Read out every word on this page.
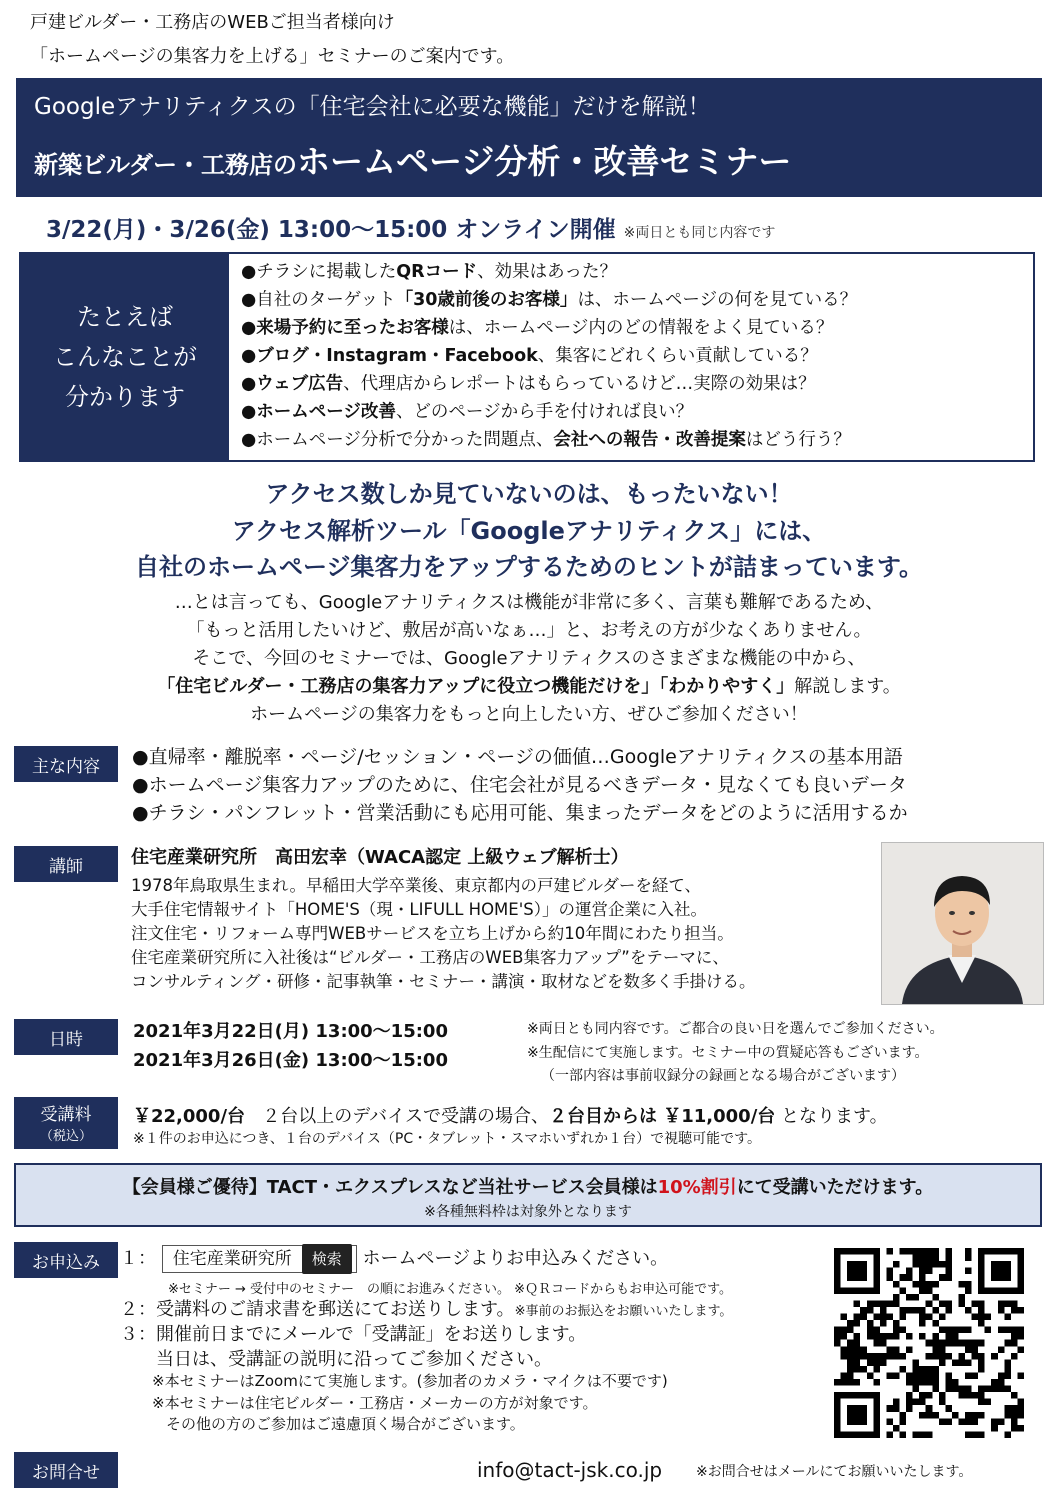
戸建ビルダー・工務店のWEBご担当者様向け
「ホームページの集客力を上げる」セミナーのご案内です。
Googleアナリティクスの「住宅会社に必要な機能」だけを解説！
新築ビルダー・工務店のホームページ分析・改善セミナー
3/22(月)・3/26(金) 13:00〜15:00 オンライン開催 ※両日とも同じ内容です
たとえば
こんなことが
分かります
●チラシに掲載したQRコード、効果はあった？
●自社のターゲット「30歳前後のお客様」は、ホームページの何を見ている？
●来場予約に至ったお客様は、ホームページ内のどの情報をよく見ている？
●ブログ・Instagram・Facebook、集客にどれくらい貢献している？
●ウェブ広告、代理店からレポートはもらっているけど…実際の効果は？
●ホームページ改善、どのページから手を付ければ良い？
●ホームページ分析で分かった問題点、会社への報告・改善提案はどう行う？
アクセス数しか見ていないのは、もったいない！
アクセス解析ツール「Googleアナリティクス」には、
自社のホームページ集客力をアップするためのヒントが詰まっています。
…とは言っても、Googleアナリティクスは機能が非常に多く、言葉も難解であるため、
「もっと活用したいけど、敷居が高いなぁ…」と、お考えの方が少なくありません。
そこで、今回のセミナーでは、Googleアナリティクスのさまざまな機能の中から、
「住宅ビルダー・工務店の集客力アップに役立つ機能だけを」「わかりやすく」解説します。
ホームページの集客力をもっと向上したい方、ぜひご参加ください！
主な内容	●直帰率・離脱率・ページ/セッション・ページの価値…Googleアナリティクスの基本用語
●ホームページ集客力アップのために、住宅会社が見るべきデータ・見なくても良いデータ
●チラシ・パンフレット・営業活動にも応用可能、集まったデータをどのように活用するか
講師	住宅産業研究所　高田宏幸（WACA認定 上級ウェブ解析士）
1978年鳥取県生まれ。早稲田大学卒業後、東京都内の戸建ビルダーを経て、
大手住宅情報サイト「HOME'S（現・LIFULL HOME'S）」の運営企業に入社。
注文住宅・リフォーム専門WEBサービスを立ち上げから約10年間にわたり担当。
住宅産業研究所に入社後は“ビルダー・工務店のWEB集客力アップ”をテーマに、
コンサルティング・研修・記事執筆・セミナー・講演・取材などを数多く手掛ける。
日時	2021年3月22日(月) 13:00〜15:00
2021年3月26日(金) 13:00〜15:00
※両日とも同内容です。ご都合の良い日を選んでご参加ください。
※生配信にて実施します。セミナー中の質疑応答もございます。
（一部内容は事前収録分の録画となる場合がございます）
受講料
（税込）
￥22,000/台 ２台以上のデバイスで受講の場合、２台目からは ￥11,000/台 となります。
※１件のお申込につき、１台のデバイス（PC・タブレット・スマホいずれか１台）で視聴可能です。
【会員様ご優待】TACT・エクスプレスなど当社サービス会員様は10%割引にて受講いただけます。
※各種無料枠は対象外となります
お申込み	１： 住宅産業研究所	検索	ホームページよりお申込みください。
※セミナー → 受付中のセミナー　の順にお進みください。 ※ＱＲコードからもお申込可能です。
２：受講料のご請求書を郵送にてお送りします。※事前のお振込をお願いいたします。
３：開催前日までにメールで「受講証」をお送りします。
当日は、受講証の説明に沿ってご参加ください。
※本セミナーはZoomにて実施します。(参加者のカメラ・マイクは不要です)
※本セミナーは住宅ビルダー・工務店・メーカーの方が対象です。
その他の方のご参加はご遠慮頂く場合がございます。
お問合せ	info@tact-jsk.co.jp ※お問合せはメールにてお願いいたします。
